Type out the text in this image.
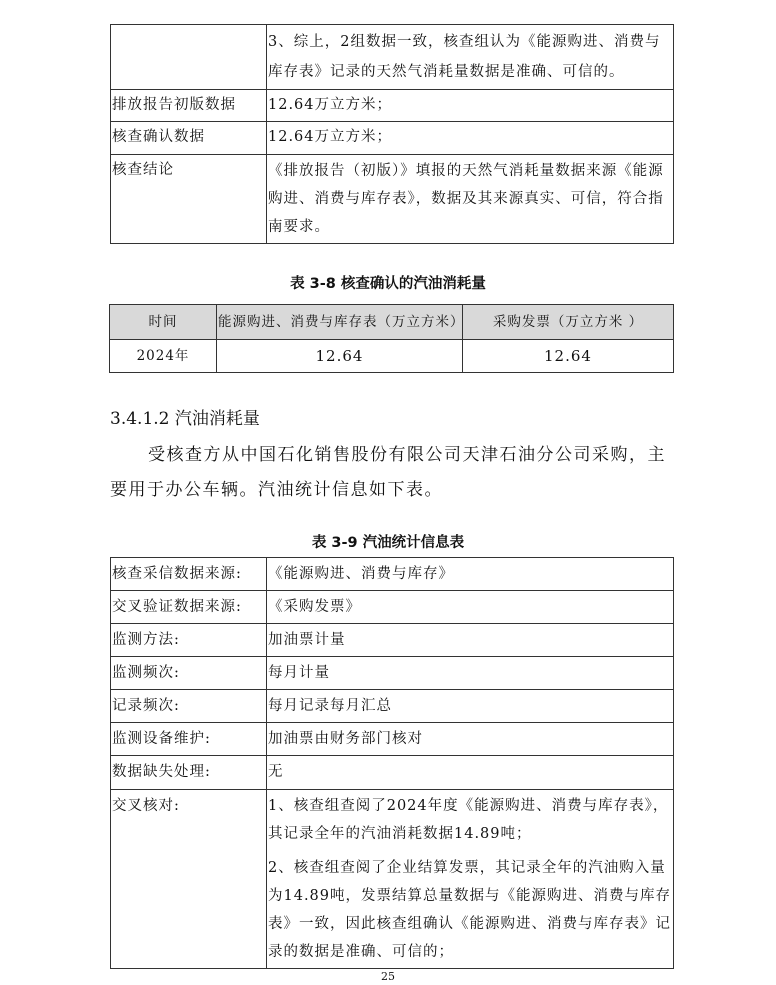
	3、综上，2组数据一致，核查组认为《能源购进、消费与库存表》记录的天然气消耗量数据是准确、可信的。
排放报告初版数据	12.64万立方米；
核查确认数据	12.64万立方米；
核查结论	《排放报告（初版）》填报的天然气消耗量数据来源《能源购进、消费与库存表》，数据及其来源真实、可信，符合指南要求。
表 3-8 核查确认的汽油消耗量
时间	能源购进、消费与库存表（万立方米）	采购发票（万立方米 ）
2024年	12.64	12.64
3.4.1.2 汽油消耗量
受核查方从中国石化销售股份有限公司天津石油分公司采购，主要用于办公车辆。汽油统计信息如下表。
表 3-9 汽油统计信息表
核查采信数据来源:	《能源购进、消费与库存》
交叉验证数据来源:	《采购发票》
监测方法:	加油票计量
监测频次:	每月计量
记录频次:	每月记录每月汇总
监测设备维护:	加油票由财务部门核对
数据缺失处理:	无
交叉核对:	1、核查组查阅了2024年度《能源购进、消费与库存表》，其记录全年的汽油消耗数据14.89吨；
2、核查组查阅了企业结算发票，其记录全年的汽油购入量为14.89吨，发票结算总量数据与《能源购进、消费与库存表》一致，因此核查组确认《能源购进、消费与库存表》记录的数据是准确、可信的；
25
